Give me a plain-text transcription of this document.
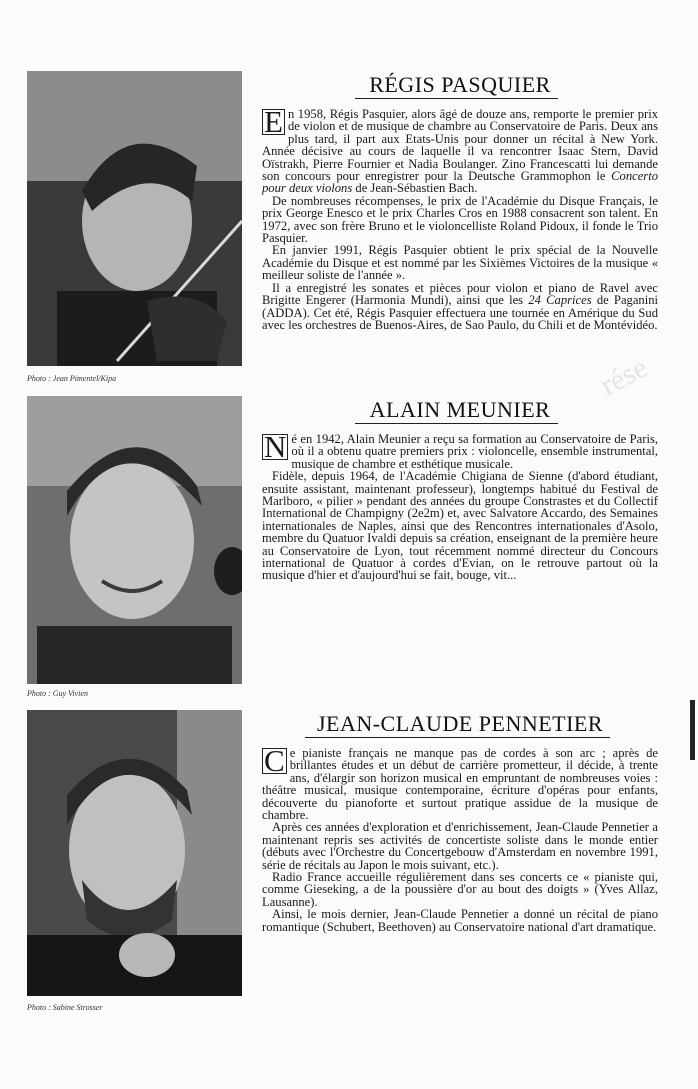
Photo : Jean Pimentel/Kipa
RÉGIS PASQUIER

E n 1958, Régis Pasquier, alors âgé de douze ans, remporte le premier prix de violon et de musique de chambre au Conservatoire de Paris. Deux ans plus tard, il part aux Etats-Unis pour donner un récital à New York. Année décisive au cours de laquelle il va rencontrer Isaac Stern, David Oïstrakh, Pierre Fournier et Nadia Boulanger. Zino Francescatti lui demande son concours pour enregistrer pour la Deutsche Grammophon le Concerto pour deux violons de Jean-Sébastien Bach.

De nombreuses récompenses, le prix de l'Académie du Disque Français, le prix George Enesco et le prix Charles Cros en 1988 consacrent son talent. En 1972, avec son frère Bruno et le violoncelliste Roland Pidoux, il fonde le Trio Pasquier.

En janvier 1991, Régis Pasquier obtient le prix spécial de la Nouvelle Académie du Disque et est nommé par les Sixièmes Victoires de la musique « meilleur soliste de l'année ».

Il a enregistré les sonates et pièces pour violon et piano de Ravel avec Brigitte Engerer (Harmonia Mundi), ainsi que les 24 Caprices de Paganini (ADDA). Cet été, Régis Pasquier effectuera une tournée en Amérique du Sud avec les orchestres de Buenos-Aires, de Sao Paulo, du Chili et de Montévidéo.

Photo : Guy Vivien
ALAIN MEUNIER

N é en 1942, Alain Meunier a reçu sa formation au Conservatoire de Paris, où il a obtenu quatre premiers prix : violoncelle, ensemble instrumental, musique de chambre et esthétique musicale.

Fidèle, depuis 1964, de l'Académie Chigiana de Sienne (d'abord étudiant, ensuite assistant, maintenant professeur), longtemps habitué du Festival de Marlboro, « pilier » pendant des années du groupe Constrastes et du Collectif International de Champigny (2e2m) et, avec Salvatore Accardo, des Semaines internationales de Naples, ainsi que des Rencontres internationales d'Asolo, membre du Quatuor Ivaldi depuis sa création, enseignant de la première heure au Conservatoire de Lyon, tout récemment nommé directeur du Concours international de Quatuor à cordes d'Evian, on le retrouve partout où la musique d'hier et d'aujourd'hui se fait, bouge, vit...

Photo : Sabine Strosser
JEAN-CLAUDE PENNETIER

C e pianiste français ne manque pas de cordes à son arc ; après de brillantes études et un début de carrière prometteur, il décide, à trente ans, d'élargir son horizon musical en empruntant de nombreuses voies : théâtre musical, musique contemporaine, écriture d'opéras pour enfants, découverte du pianoforte et surtout pratique assidue de la musique de chambre.

Après ces années d'exploration et d'enrichissement, Jean-Claude Pennetier a maintenant repris ses activités de concertiste soliste dans le monde entier (débuts avec l'Orchestre du Concertgebouw d'Amsterdam en novembre 1991, série de récitals au Japon le mois suivant, etc.).

Radio France accueille régulièrement dans ses concerts ce « pianiste qui, comme Gieseking, a de la poussière d'or au bout des doigts » (Yves Allaz, Lausanne).

Ainsi, le mois dernier, Jean-Claude Pennetier a donné un récital de piano romantique (Schubert, Beethoven) au Conservatoire national d'art dramatique.

rése
